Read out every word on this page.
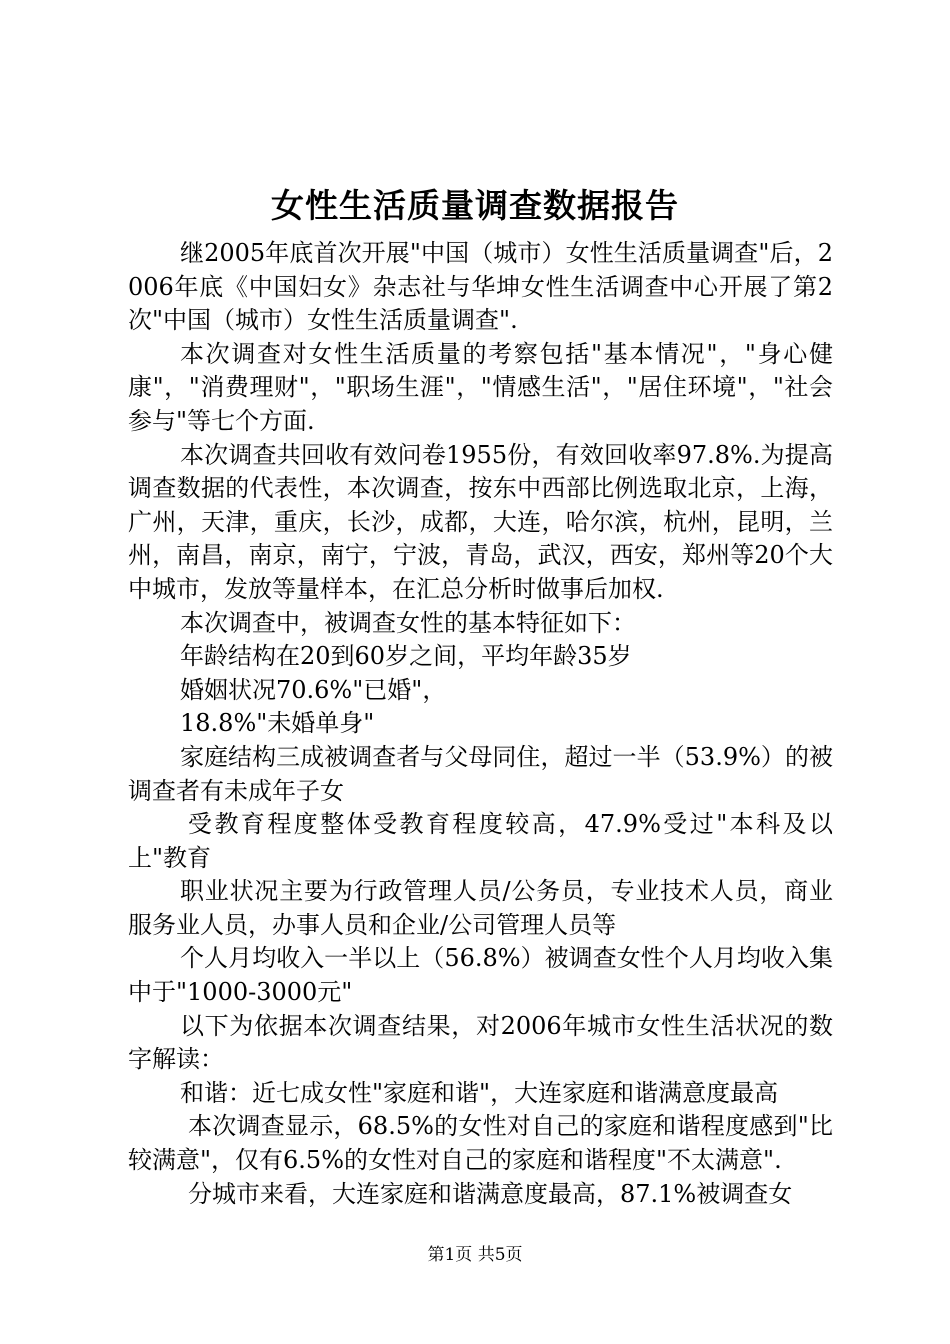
女性生活质量调查数据报告

继2005年底首次开展"中国（城市）女性生活质量调查"后，2006年底《中国妇女》杂志社与华坤女性生活调查中心开展了第2次"中国（城市）女性生活质量调查".

本次调查对女性生活质量的考察包括"基本情况"，"身心健康"，"消费理财"，"职场生涯"，"情感生活"，"居住环境"，"社会参与"等七个方面.

本次调查共回收有效问卷1955份，有效回收率97.8%.为提高调查数据的代表性，本次调查，按东中西部比例选取北京，上海，广州，天津，重庆，长沙，成都，大连，哈尔滨，杭州，昆明，兰州，南昌，南京，南宁，宁波，青岛，武汉，西安，郑州等20个大中城市，发放等量样本，在汇总分析时做事后加权.

本次调查中，被调查女性的基本特征如下：

年龄结构在20到60岁之间，平均年龄35岁

婚姻状况70.6%"已婚"，

18.8%"未婚单身"

家庭结构三成被调查者与父母同住，超过一半（53.9%）的被调查者有未成年子女

受教育程度整体受教育程度较高，47.9%受过"本科及以上"教育

职业状况主要为行政管理人员/公务员，专业技术人员，商业服务业人员，办事人员和企业/公司管理人员等

个人月均收入一半以上（56.8%）被调查女性个人月均收入集中于"1000-3000元"

以下为依据本次调查结果，对2006年城市女性生活状况的数字解读：

和谐：近七成女性"家庭和谐"，大连家庭和谐满意度最高

本次调查显示，68.5%的女性对自己的家庭和谐程度感到"比较满意"，仅有6.5%的女性对自己的家庭和谐程度"不太满意".

分城市来看，大连家庭和谐满意度最高，87.1%被调查女

第1页 共5页
